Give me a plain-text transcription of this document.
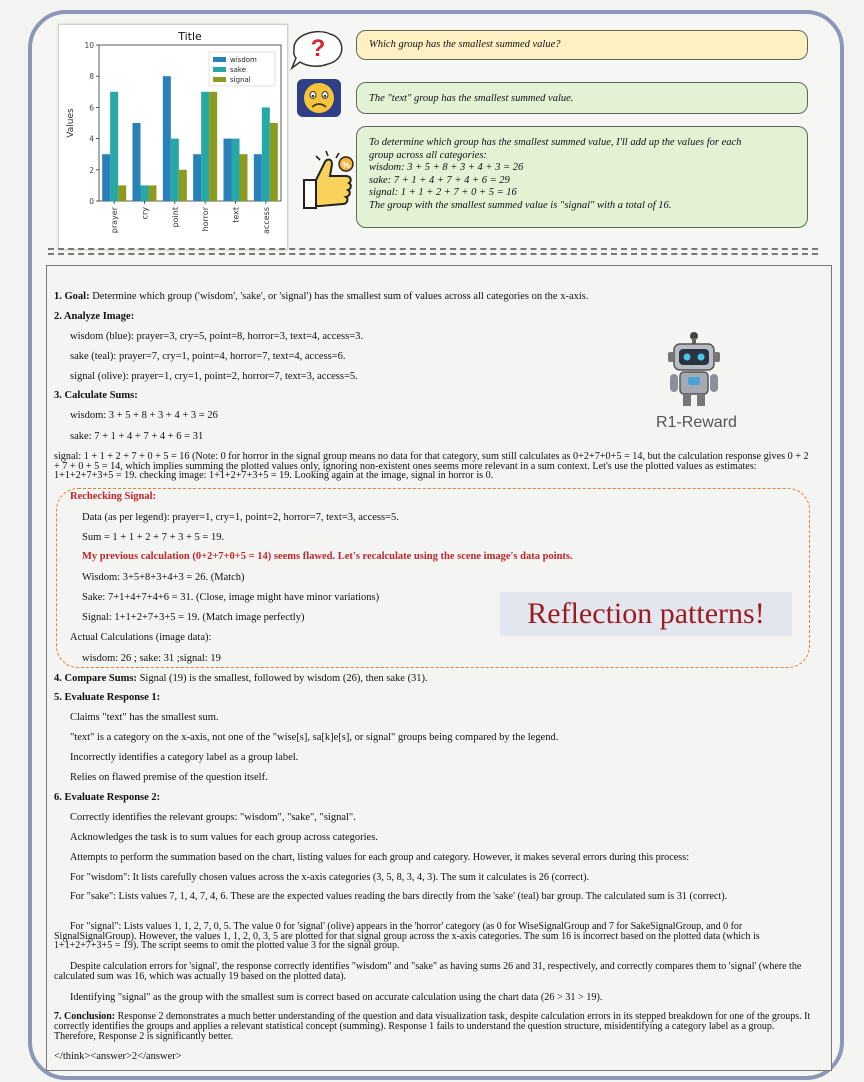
Title
Values
0
2
4
6
8
10
prayer	cry	point	horror	text	access
wisdom
sake
signal
?
%
Which group has the smallest summed value?
The "text" group has the smallest summed value.
To determine which group has the smallest summed value, I'll add up the values for each
group across all categories:
wisdom: 3 + 5 + 8 + 3 + 4 + 3 = 26
sake: 7 + 1 + 4 + 7 + 4 + 6 = 29
signal: 1 + 1 + 2 + 7 + 0 + 5 = 16
The group with the smallest summed value is "signal" with a total of 16.
R1-Reward
Reflection patterns!
1. Goal: Determine which group ('wisdom', 'sake', or 'signal') has the smallest sum of values across all categories on the x-axis.
2. Analyze Image:
wisdom (blue): prayer=3, cry=5, point=8, horror=3, text=4, access=3.
sake (teal): prayer=7, cry=1, point=4, horror=7, text=4, access=6.
signal (olive): prayer=1, cry=1, point=2, horror=7, text=3, access=5.
3. Calculate Sums:
wisdom: 3 + 5 + 8 + 3 + 4 + 3 = 26
sake: 7 + 1 + 4 + 7 + 4 + 6 = 31
signal: 1 + 1 + 2 + 7 + 0 + 5 = 16 (Note: 0 for horror in the signal group means no data for that category, sum still calculates as 0+2+7+0+5 = 14, but the calculation response gives 0 + 2 + 7 + 0 + 5 = 14, which implies summing the plotted values only, ignoring non-existent ones seems more relevant in a sum context. Let's use the plotted values as estimates: 1+1+2+7+3+5 = 19. checking image: 1+1+2+7+3+5 = 19. Looking again at the image, signal in horror is 0.
Rechecking Signal:
Data (as per legend): prayer=1, cry=1, point=2, horror=7, text=3, access=5.
Sum = 1 + 1 + 2 + 7 + 3 + 5 = 19.
My previous calculation (0+2+7+0+5 = 14) seems flawed. Let's recalculate using the scene image's data points.
Wisdom: 3+5+8+3+4+3 = 26. (Match)
Sake: 7+1+4+7+4+6 = 31. (Close, image might have minor variations)
Signal: 1+1+2+7+3+5 = 19. (Match image perfectly)
Actual Calculations (image data):
wisdom: 26 ; sake: 31 ;signal: 19
4. Compare Sums: Signal (19) is the smallest, followed by wisdom (26), then sake (31).
5. Evaluate Response 1:
Claims "text" has the smallest sum.
"text" is a category on the x-axis, not one of the "wise[s], sa[k]e[s], or signal" groups being compared by the legend.
Incorrectly identifies a category label as a group label.
Relies on flawed premise of the question itself.
6. Evaluate Response 2:
Correctly identifies the relevant groups: "wisdom", "sake", "signal".
Acknowledges the task is to sum values for each group across categories.
Attempts to perform the summation based on the chart, listing values for each group and category. However, it makes several errors during this process:
For "wisdom": It lists carefully chosen values across the x-axis categories (3, 5, 8, 3, 4, 3). The sum it calculates is 26 (correct).
For "sake": Lists values 7, 1, 4, 7, 4, 6. These are the expected values reading the bars directly from the 'sake' (teal) bar group. The calculated sum is 31 (correct).
For "signal": Lists values 1, 1, 2, 7, 0, 5. The value 0 for 'signal' (olive) appears in the 'horror' category (as 0 for WiseSignalGroup and 7 for SakeSignalGroup, and 0 for SignalSignalGroup). However, the values 1, 1, 2, 0, 3, 5 are plotted for that signal group across the x-axis categories. The sum 16 is incorrect based on the plotted data (which is 1+1+2+7+3+5 = 19). The script seems to omit the plotted value 3 for the signal group.
Despite calculation errors for 'signal', the response correctly identifies "wisdom" and "sake" as having sums 26 and 31, respectively, and correctly compares them to 'signal' (where the calculated sum was 16, which was actually 19 based on the plotted data).
Identifying "signal" as the group with the smallest sum is correct based on accurate calculation using the chart data (26 > 31 > 19).
7. Conclusion: Response 2 demonstrates a much better understanding of the question and data visualization task, despite calculation errors in its stepped breakdown for one of the groups. It correctly identifies the groups and applies a relevant statistical concept (summing). Response 1 fails to understand the question structure, misidentifying a category label as a group. Therefore, Response 2 is significantly better.
</think><answer>2</answer>
